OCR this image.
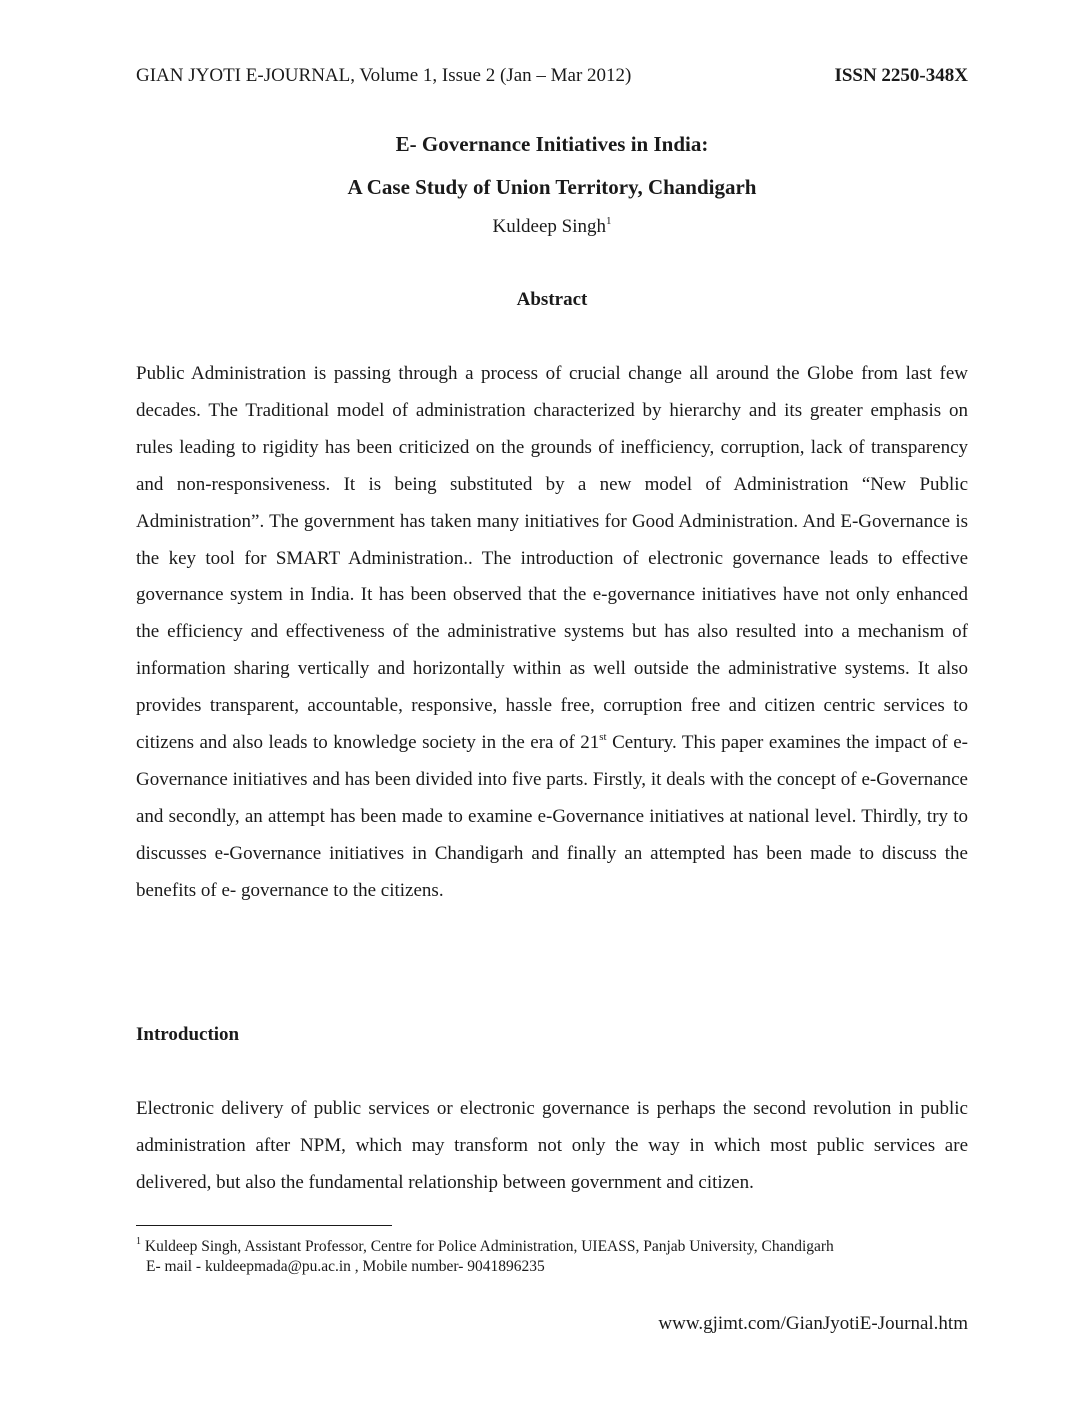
GIAN JYOTI E-JOURNAL, Volume 1, Issue 2 (Jan – Mar 2012)	ISSN 2250-348X
E- Governance Initiatives in India:
A Case Study of Union Territory, Chandigarh
Kuldeep Singh$^1$
Abstract
Public Administration is passing through a process of crucial change all around the Globe from last few decades. The Traditional model of administration characterized by hierarchy and its greater emphasis on rules leading to rigidity has been criticized on the grounds of inefficiency, corruption, lack of transparency and non-responsiveness. It is being substituted by a new model of Administration “New Public Administration”. The government has taken many initiatives for Good Administration. And E-Governance is the key tool for SMART Administration.. The introduction of electronic governance leads to effective governance system in India. It has been observed that the e-governance initiatives have not only enhanced the efficiency and effectiveness of the administrative systems but has also resulted into a mechanism of information sharing vertically and horizontally within as well outside the administrative systems. It also provides transparent, accountable, responsive, hassle free, corruption free and citizen centric services to citizens and also leads to knowledge society in the era of 21st Century. This paper examines the impact of e-Governance initiatives and has been divided into five parts. Firstly, it deals with the concept of e-Governance and secondly, an attempt has been made to examine e-Governance initiatives at national level. Thirdly, try to discusses e-Governance initiatives in Chandigarh and finally an attempted has been made to discuss the benefits of e- governance to the citizens.
Introduction
Electronic delivery of public services or electronic governance is perhaps the second revolution in public administration after NPM, which may transform not only the way in which most public services are delivered, but also the fundamental relationship between government and citizen.
$^1$ Kuldeep Singh, Assistant Professor, Centre for Police Administration, UIEASS, Panjab University, Chandigarh
E- mail - kuldeepmada@pu.ac.in , Mobile number- 9041896235
www.gjimt.com/GianJyotiE-Journal.htm
